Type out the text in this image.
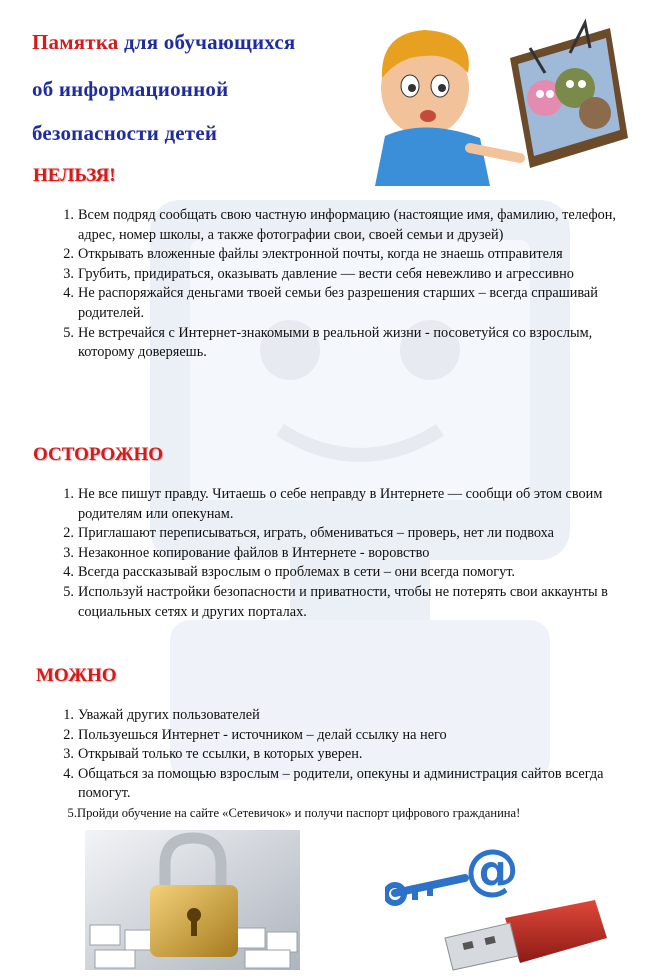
Памятка для обучающихся
об информационной
безопасности детей
НЕЛЬЗЯ!
1. Всем подряд сообщать свою частную информацию (настоящие имя, фамилию, телефон, адрес, номер школы, а также фотографии свои, своей семьи и друзей)
2. Открывать вложенные файлы электронной почты, когда не знаешь отправителя
3. Грубить, придираться, оказывать давление — вести себя невежливо и агрессивно
4. Не распоряжайся деньгами твоей семьи без разрешения старших – всегда спрашивай родителей.
5. Не встречайся с Интернет-знакомыми в реальной жизни - посоветуйся со взрослым, которому доверяешь.
ОСТОРОЖНО
1. Не все пишут правду. Читаешь о себе неправду в Интернете — сообщи об этом своим родителям или опекунам.
2. Приглашают переписываться, играть, обмениваться – проверь, нет ли подвоха
3. Незаконное копирование файлов в Интернете - воровство
4. Всегда рассказывай взрослым о проблемах в сети – они всегда помогут.
5. Используй настройки безопасности и приватности, чтобы не потерять свои аккаунты в социальных сетях и других порталах.
МОЖНО
1. Уважай других пользователей
2. Пользуешься Интернет - источником – делай ссылку на него
3. Открывай только те ссылки, в которых уверен.
4. Общаться за помощью взрослым – родители, опекуны и администрация сайтов всегда помогут.
5. Пройди обучение на сайте «Сетевичок» и получи паспорт цифрового гражданина!
@
